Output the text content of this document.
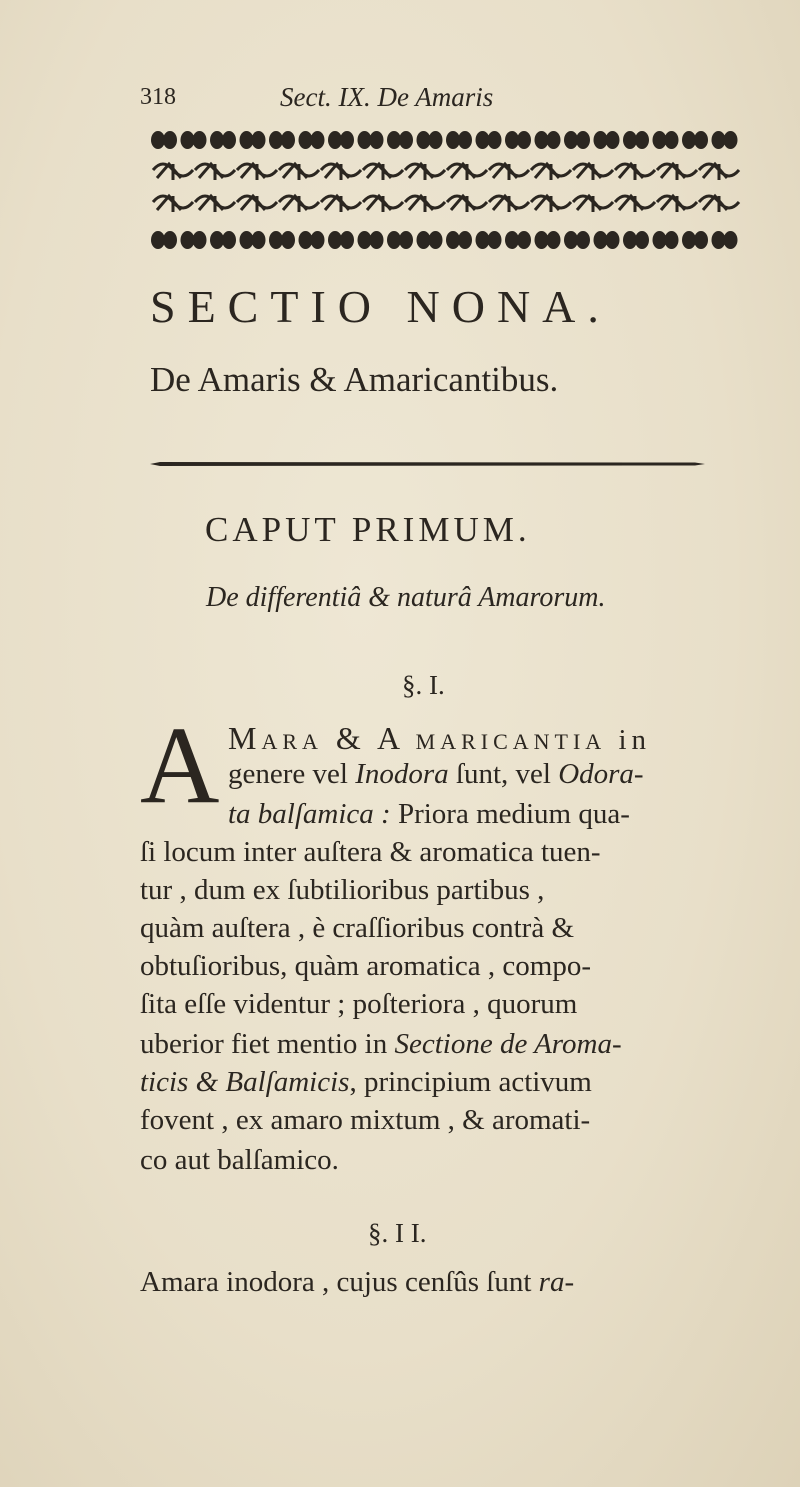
318	Sect. IX. De Amaris
SECTIO NONA.
De Amaris & Amaricantibus.
CAPUT PRIMUM.
De differentiâ & naturâ Amarorum.
§. I.
A MARA & A MARICANTIA in
genere vel Inodora ſunt, vel Odora-
ta balſamica : Priora medium qua-
ſi locum inter auſtera & aromatica tuen-
tur , dum ex ſubtilioribus partibus ,
quàm auſtera , è craſſioribus contrà &
obtuſioribus, quàm aromatica , compo-
ſita eſſe videntur ; poſteriora , quorum
uberior fiet mentio in Sectione de Aroma-
ticis & Balſamicis, principium activum
fovent , ex amaro mixtum , & aromati-
co aut balſamico.
§. I I.
Amara inodora , cujus cenſûs ſunt ra-
